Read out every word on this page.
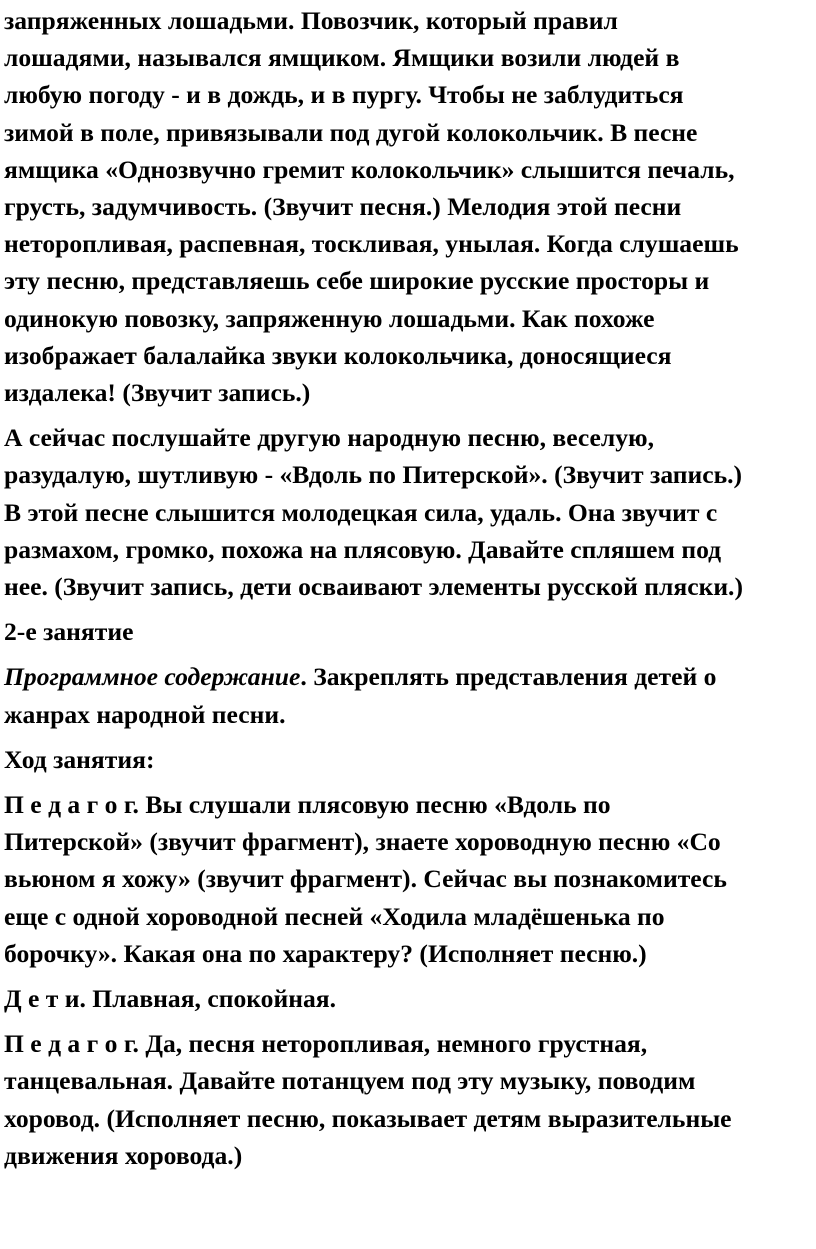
запряженных лошадьми. Повозчик, который правил
лошадями, назывался ямщиком. Ямщики возили людей в
любую погоду - и в дождь, и в пургу. Чтобы не заблудиться
зимой в поле, привязывали под дугой колокольчик. В песне
ямщика «Однозвучно гремит колокольчик» слышится печаль,
грусть, задумчивость. (Звучит песня.) Мелодия этой песни
неторопливая, распевная, тоскливая, унылая. Когда слушаешь
эту песню, представляешь себе широкие русские просторы и
одинокую повозку, запряженную лошадьми. Как похоже
изображает балалайка звуки колокольчика, доносящиеся
издалека! (Звучит запись.)

А сейчас послушайте другую народную песню, веселую,
разудалую, шутливую - «Вдоль по Питерской». (Звучит запись.)
В этой песне слышится молодецкая сила, удаль. Она звучит с
размахом, громко, похожа на плясовую. Давайте спляшем под
нее. (Звучит запись, дети осваивают элементы русской пляски.)

2-е занятие

Программное содержание. Закреплять представления детей о
жанрах народной песни.

Ход занятия:

П е д а г о г. Вы слушали плясовую песню «Вдоль по
Питерской» (звучит фрагмент), знаете хороводную песню «Со
вьюном я хожу» (звучит фрагмент). Сейчас вы познакомитесь
еще с одной хороводной песней «Ходила младёшенька по
борочку». Какая она по характеру? (Исполняет песню.)

Д е т и. Плавная, спокойная.

П е д а г о г. Да, песня неторопливая, немного грустная,
танцевальная. Давайте потанцуем под эту музыку, поводим
хоровод. (Исполняет песню, показывает детям выразительные
движения хоровода.)
